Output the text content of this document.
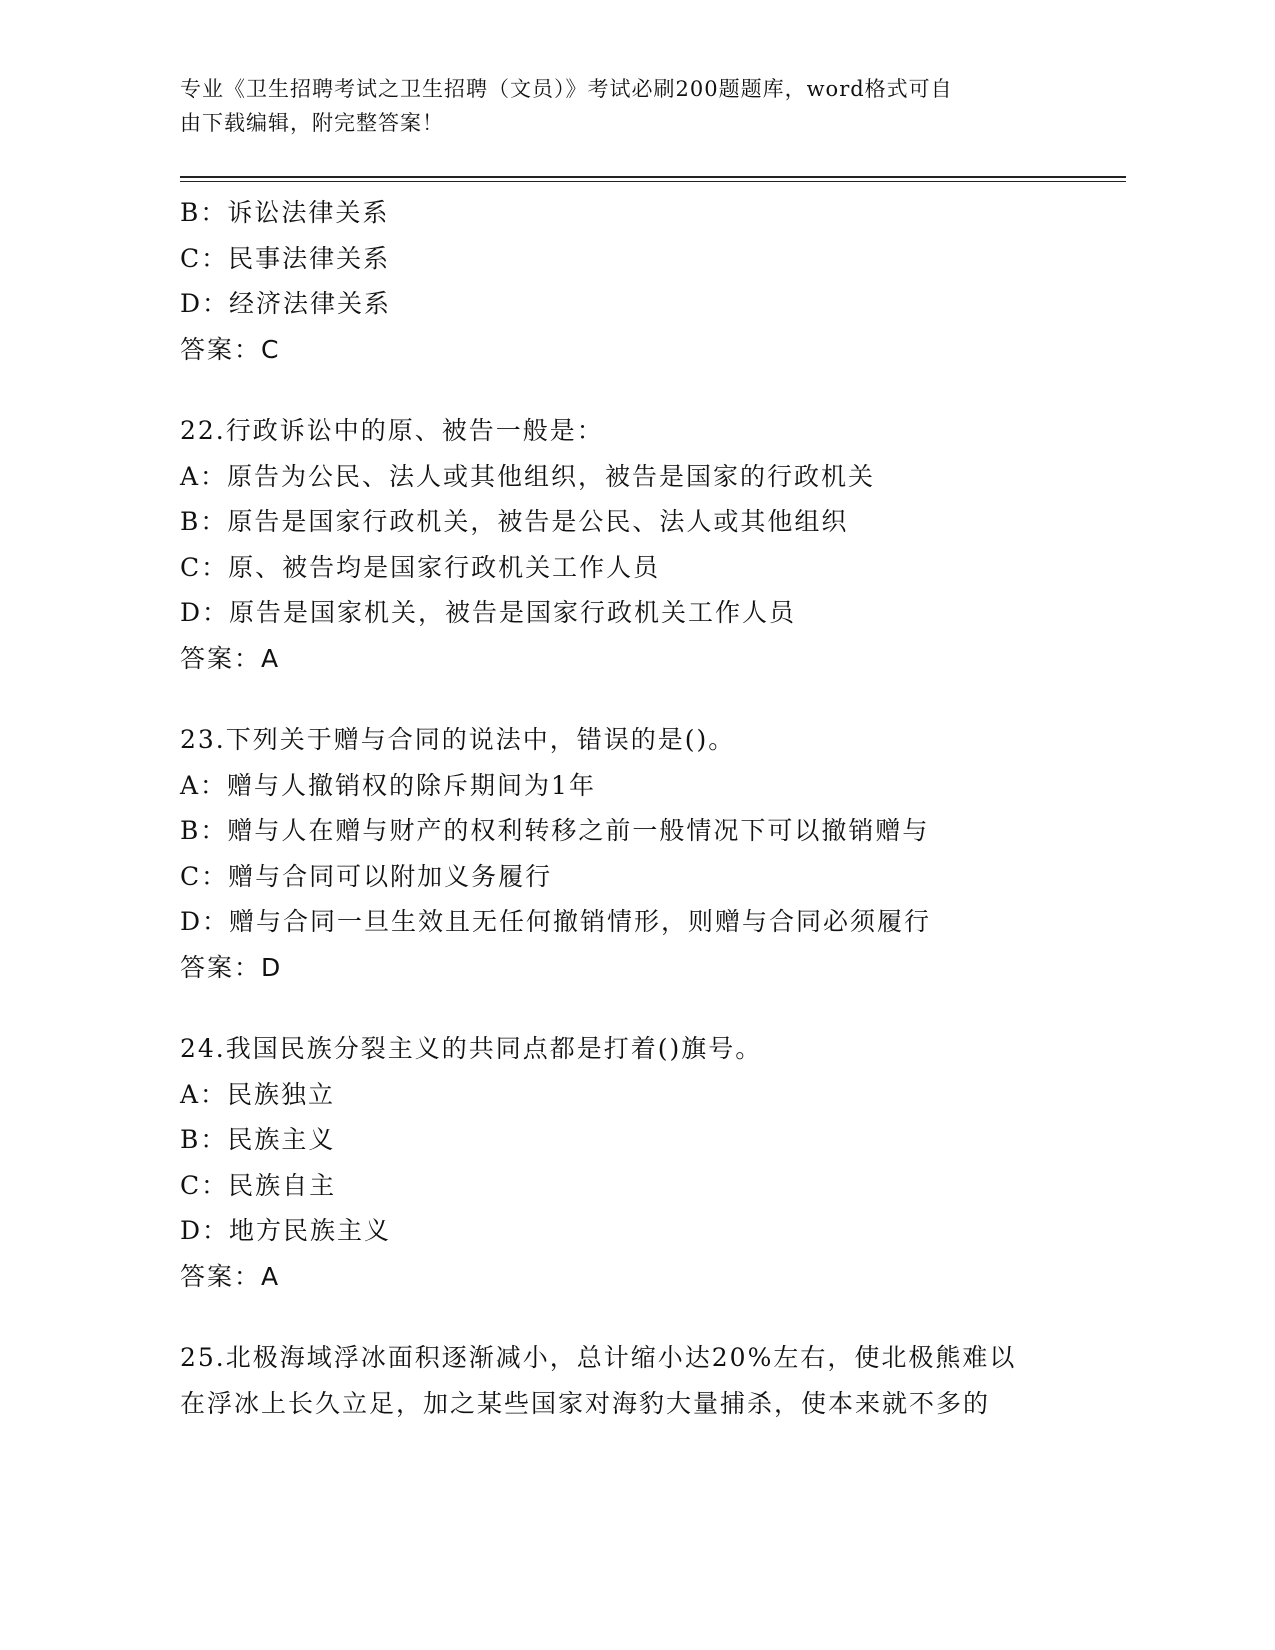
专业《卫生招聘考试之卫生招聘（文员）》考试必刷200题题库，word格式可自
由下载编辑，附完整答案！
B：诉讼法律关系
C：民事法律关系
D：经济法律关系
答案：C
22.行政诉讼中的原、被告一般是：
A：原告为公民、法人或其他组织，被告是国家的行政机关
B：原告是国家行政机关，被告是公民、法人或其他组织
C：原、被告均是国家行政机关工作人员
D：原告是国家机关，被告是国家行政机关工作人员
答案：A
23.下列关于赠与合同的说法中，错误的是()。
A：赠与人撤销权的除斥期间为1年
B：赠与人在赠与财产的权利转移之前一般情况下可以撤销赠与
C：赠与合同可以附加义务履行
D：赠与合同一旦生效且无任何撤销情形，则赠与合同必须履行
答案：D
24.我国民族分裂主义的共同点都是打着()旗号。
A：民族独立
B：民族主义
C：民族自主
D：地方民族主义
答案：A
25.北极海域浮冰面积逐渐减小，总计缩小达20%左右，使北极熊难以
在浮冰上长久立足，加之某些国家对海豹大量捕杀，使本来就不多的
